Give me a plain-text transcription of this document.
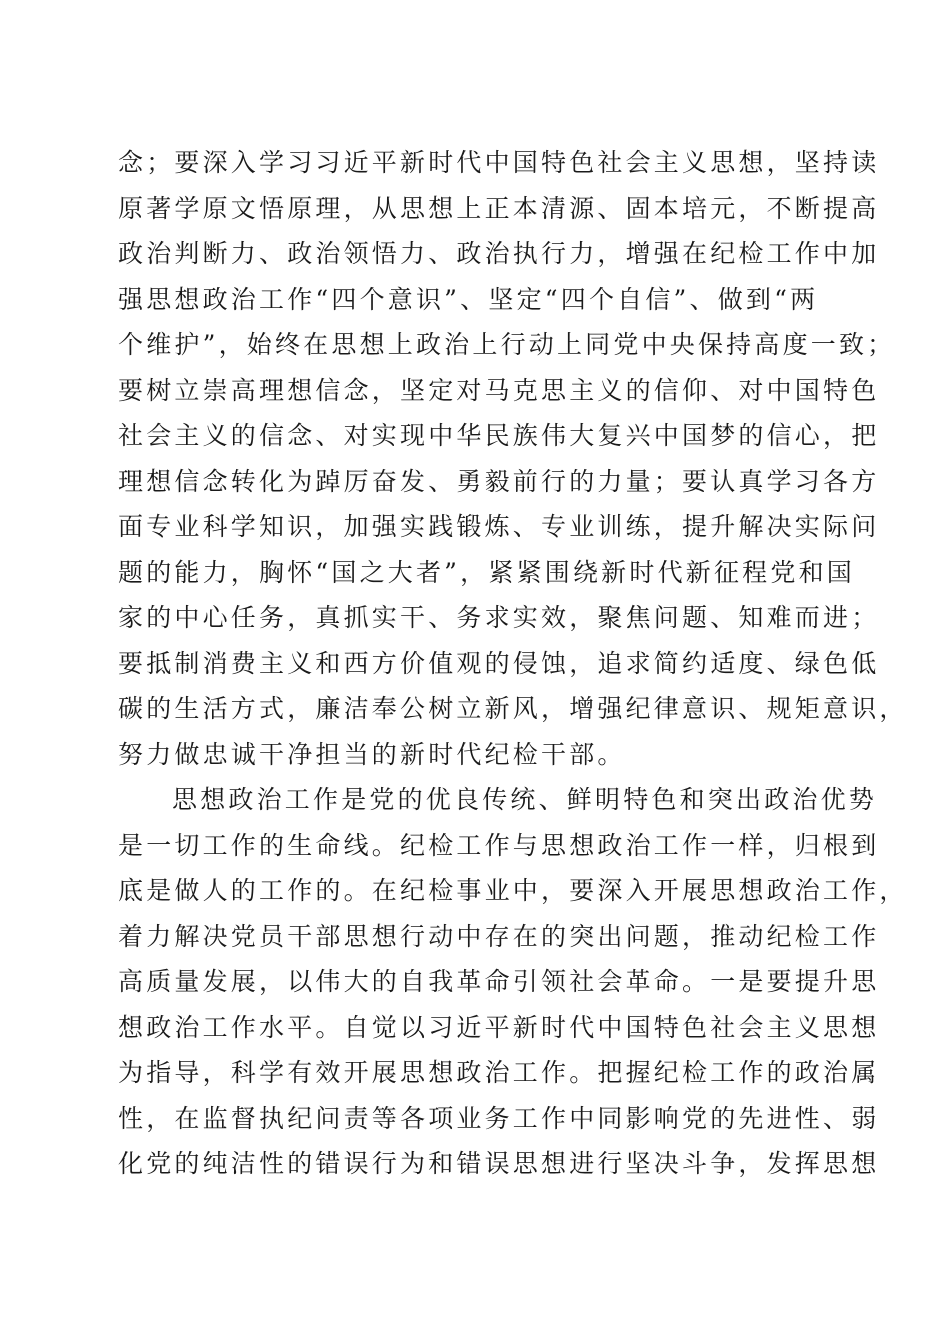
念；要深入学习习近平新时代中国特色社会主义思想，坚持读
原著学原文悟原理，从思想上正本清源、固本培元，不断提高
政治判断力、政治领悟力、政治执行力，增强在纪检工作中加
强思想政治工作“四个意识”、坚定“四个自信”、做到“两
个维护”，始终在思想上政治上行动上同党中央保持高度一致；
要树立崇高理想信念，坚定对马克思主义的信仰、对中国特色
社会主义的信念、对实现中华民族伟大复兴中国梦的信心，把
理想信念转化为踔厉奋发、勇毅前行的力量；要认真学习各方
面专业科学知识，加强实践锻炼、专业训练，提升解决实际问
题的能力，胸怀“国之大者”，紧紧围绕新时代新征程党和国
家的中心任务，真抓实干、务求实效，聚焦问题、知难而进；
要抵制消费主义和西方价值观的侵蚀，追求简约适度、绿色低
碳的生活方式，廉洁奉公树立新风，增强纪律意识、规矩意识，
努力做忠诚干净担当的新时代纪检干部。
思想政治工作是党的优良传统、鲜明特色和突出政治优势
是一切工作的生命线。纪检工作与思想政治工作一样，归根到
底是做人的工作的。在纪检事业中，要深入开展思想政治工作，
着力解决党员干部思想行动中存在的突出问题，推动纪检工作
高质量发展，以伟大的自我革命引领社会革命。一是要提升思
想政治工作水平。自觉以习近平新时代中国特色社会主义思想
为指导，科学有效开展思想政治工作。把握纪检工作的政治属
性，在监督执纪问责等各项业务工作中同影响党的先进性、弱
化党的纯洁性的错误行为和错误思想进行坚决斗争，发挥思想
